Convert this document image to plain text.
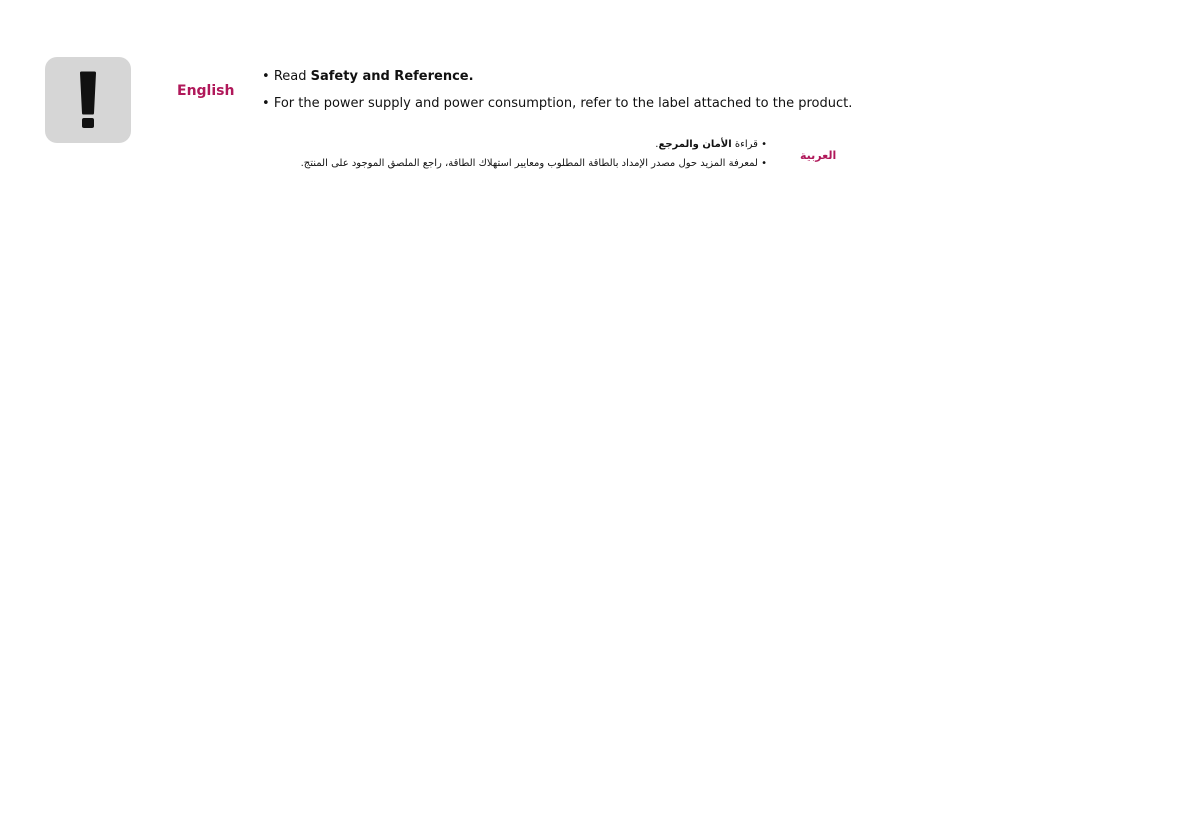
English
• Read Safety and Reference.
• For the power supply and power consumption, refer to the label attached to the product.
العربية
• قراءة الأمان والمرجع.
• لمعرفة المزيد حول مصدر الإمداد بالطاقة المطلوب ومعايير استهلاك الطاقة، راجع الملصق الموجود على المنتج.
